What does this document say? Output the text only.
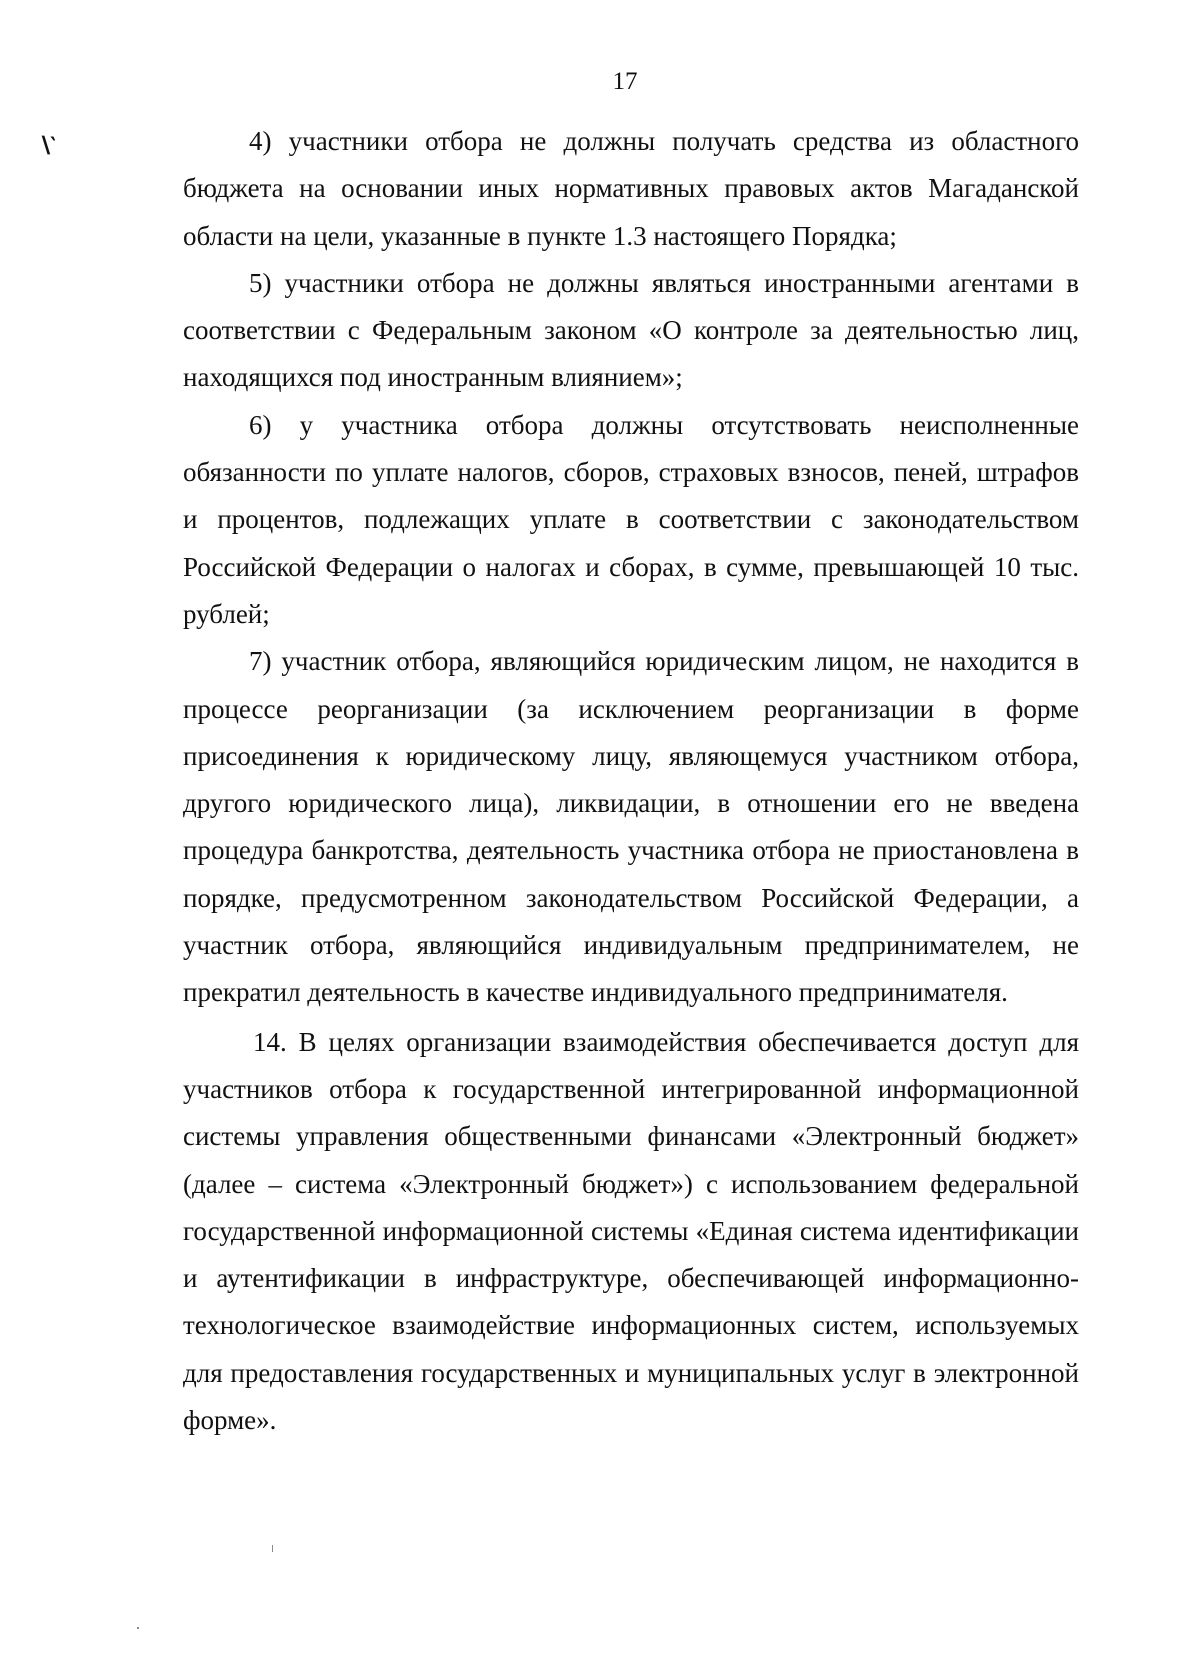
17
∖‵	4) участники отбора не должны получать средства из областного бюджета на основании иных нормативных правовых актов Магаданской области на цели, указанные в пункте 1.3 настоящего Порядка;

5) участники отбора не должны являться иностранными агентами в соответствии с Федеральным законом «О контроле за деятельностью лиц, находящихся под иностранным влиянием»;

6) у участника отбора должны отсутствовать неисполненные обязанности по уплате налогов, сборов, страховых взносов, пеней, штрафов и процентов, подлежащих уплате в соответствии с законодательством Российской Федерации о налогах и сборах, в сумме, превышающей 10 тыс. рублей;

7) участник отбора, являющийся юридическим лицом, не находится в процессе реорганизации (за исключением реорганизации в форме присоединения к юридическому лицу, являющемуся участником отбора, другого юридического лица), ликвидации, в отношении его не введена процедура банкротства, деятельность участника отбора не приостановлена в порядке, предусмотренном законодательством Российской Федерации, а участник отбора, являющийся индивидуальным предпринимателем, не прекратил деятельность в качестве индивидуального предпринимателя.

14. В целях организации взаимодействия обеспечивается доступ для участников отбора к государственной интегрированной информационной системы управления общественными финансами «Электронный бюджет» (далее – система «Электронный бюджет») с использованием федеральной государственной информационной системы «Единая система идентификации и аутентификации в инфраструктуре, обеспечивающей информационно-технологическое взаимодействие информационных систем, используемых для предоставления государственных и муниципальных услуг в электронной форме».
